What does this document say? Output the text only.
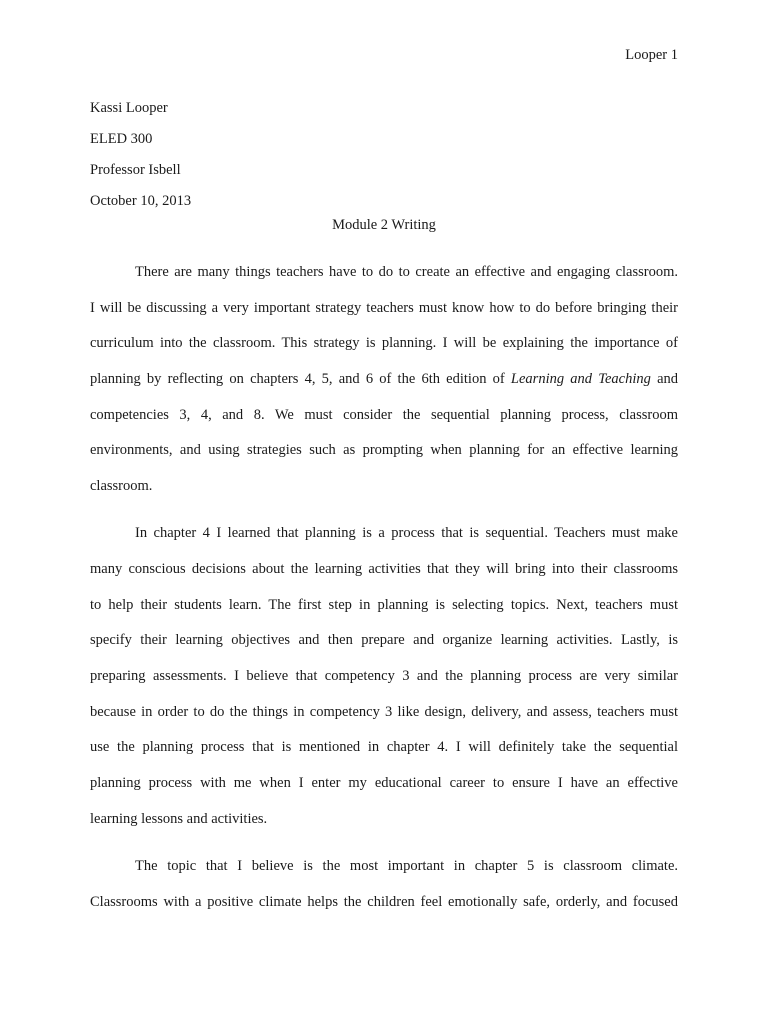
Looper 1
Kassi Looper
ELED 300
Professor Isbell
October 10, 2013
Module 2 Writing
There are many things teachers have to do to create an effective and engaging classroom.
I will be discussing a very important strategy teachers must know how to do before bringing their
curriculum into the classroom. This strategy is planning. I will be explaining the importance of
planning by reflecting on chapters 4, 5, and 6 of the 6th edition of Learning and Teaching and
competencies 3, 4, and 8. We must consider the sequential planning process, classroom
environments, and using strategies such as prompting when planning for an effective learning
classroom.
In chapter 4 I learned that planning is a process that is sequential. Teachers must make
many conscious decisions about the learning activities that they will bring into their classrooms
to help their students learn. The first step in planning is selecting topics. Next, teachers must
specify their learning objectives and then prepare and organize learning activities. Lastly, is
preparing assessments. I believe that competency 3 and the planning process are very similar
because in order to do the things in competency 3 like design, delivery, and assess, teachers must
use the planning process that is mentioned in chapter 4. I will definitely take the sequential
planning process with me when I enter my educational career to ensure I have an effective
learning lessons and activities.
The topic that I believe is the most important in chapter 5 is classroom climate.
Classrooms with a positive climate helps the children feel emotionally safe, orderly, and focused
